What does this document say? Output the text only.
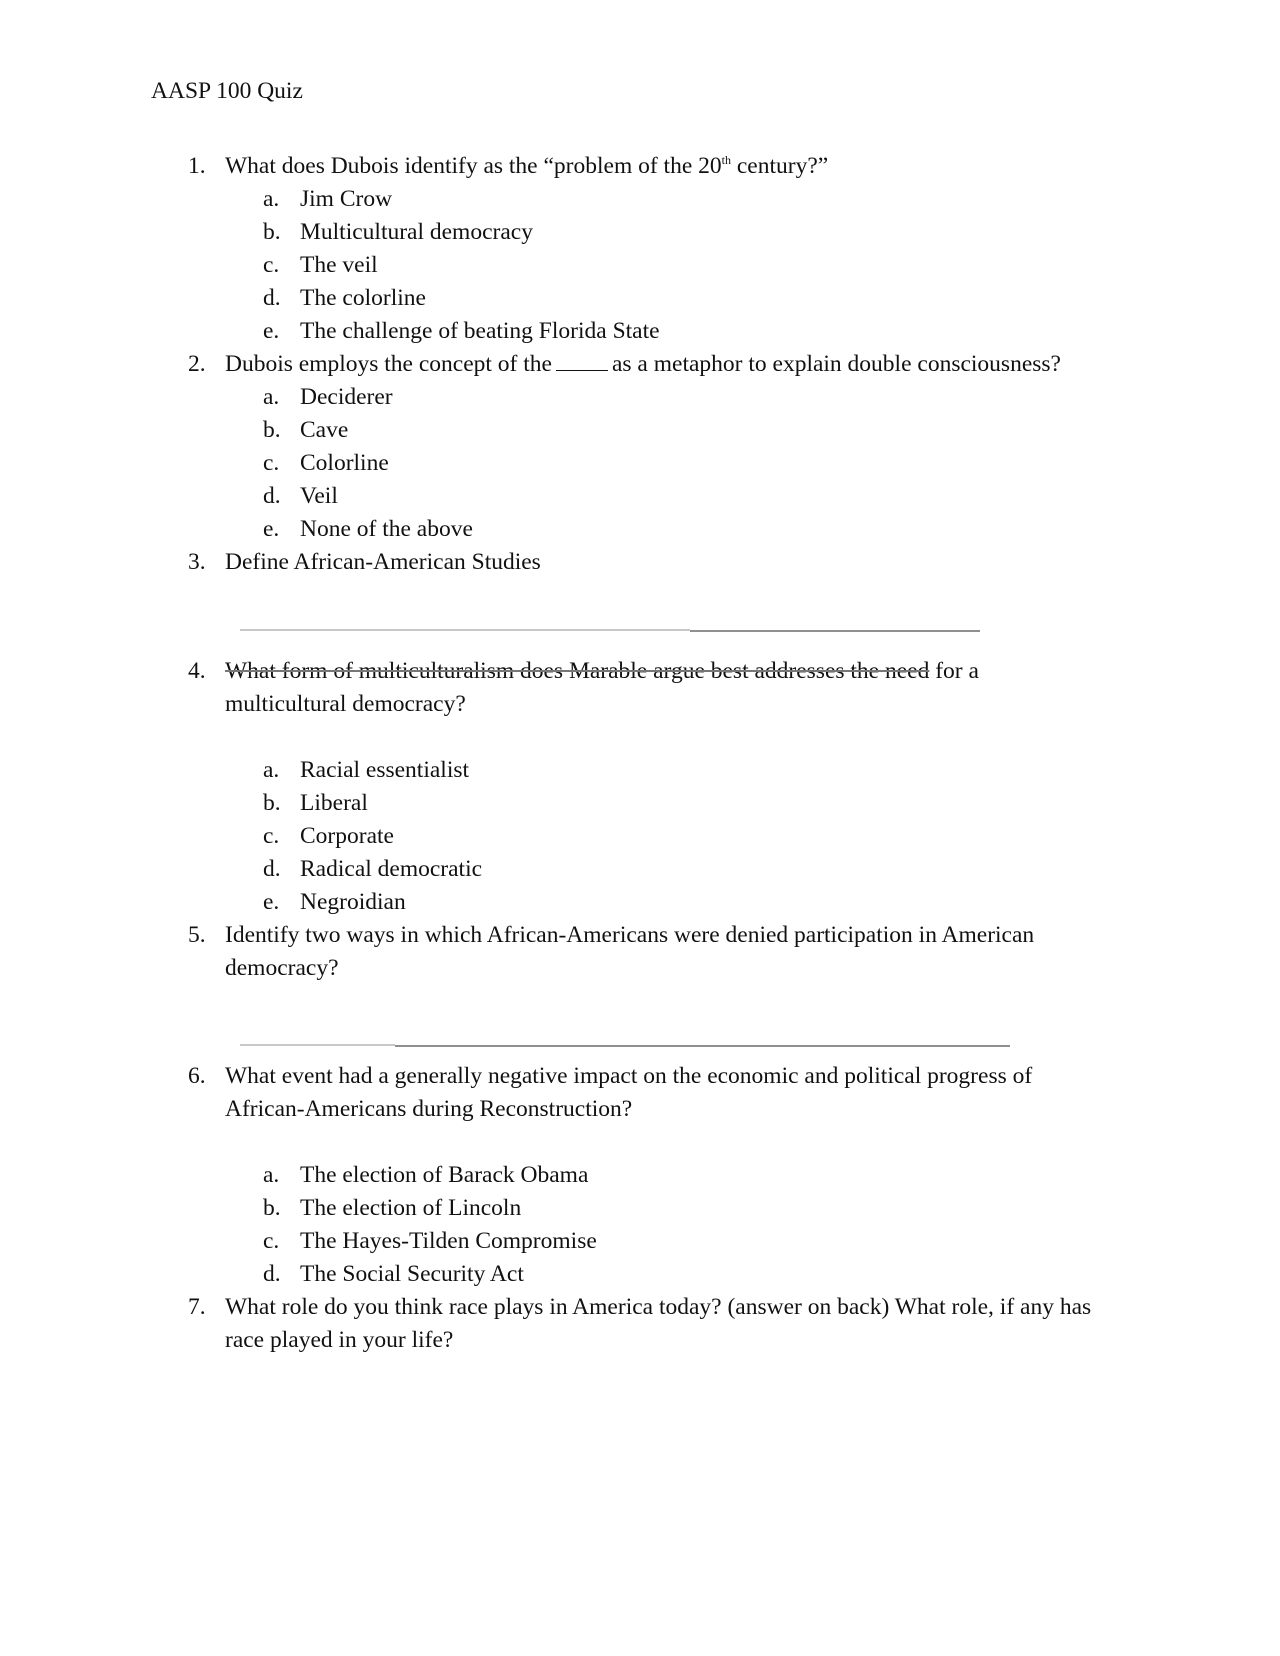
AASP 100 Quiz
1. What does Dubois identify as the “problem of the 20th century?”
a. Jim Crow
b. Multicultural democracy
c. The veil
d. The colorline
e. The challenge of beating Florida State
2. Dubois employs the concept of the	as a metaphor to explain double consciousness?
a. Deciderer
b. Cave
c. Colorline
d. Veil
e. None of the above
3. Define African-American Studies
4. What form of multiculturalism does Marable argue best addresses the need for a multicultural democracy?
a. Racial essentialist
b. Liberal
c. Corporate
d. Radical democratic
e. Negroidian
5. Identify two ways in which African-Americans were denied participation in American democracy?
6. What event had a generally negative impact on the economic and political progress of African-Americans during Reconstruction?
a. The election of Barack Obama
b. The election of Lincoln
c. The Hayes-Tilden Compromise
d. The Social Security Act
7. What role do you think race plays in America today? (answer on back) What role, if any has race played in your life?
